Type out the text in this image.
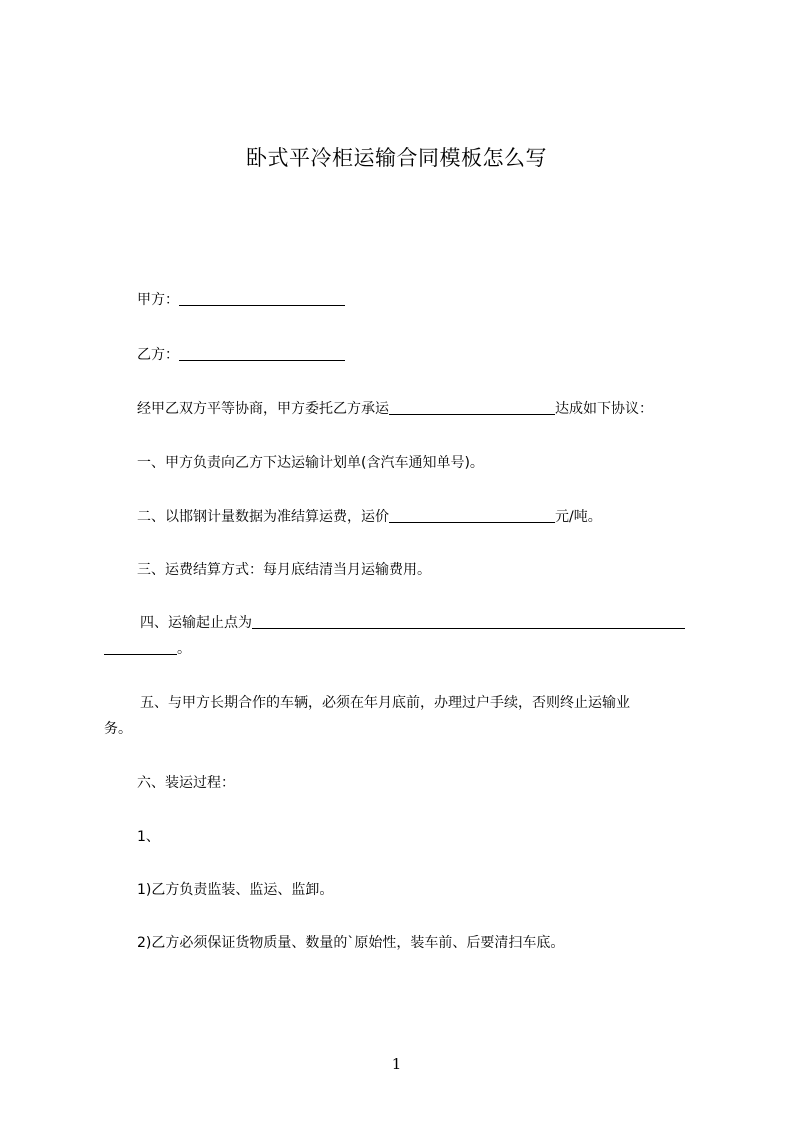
卧式平冷柜运输合同模板怎么写
甲方：
乙方：
经甲乙双方平等协商，甲方委托乙方承运	达成如下协议：
一、甲方负责向乙方下达运输计划单(含汽车通知单号)。
二、以邯钢计量数据为准结算运费，运价	元/吨。
三、运费结算方式：每月底结清当月运输费用。
四、运输起止点为
。
五、与甲方长期合作的车辆，必须在年月底前，办理过户手续，否则终止运输业
务。
六、装运过程：
1、
1)乙方负责监装、监运、监卸。
2)乙方必须保证货物质量、数量的`原始性，装车前、后要清扫车底。
1
